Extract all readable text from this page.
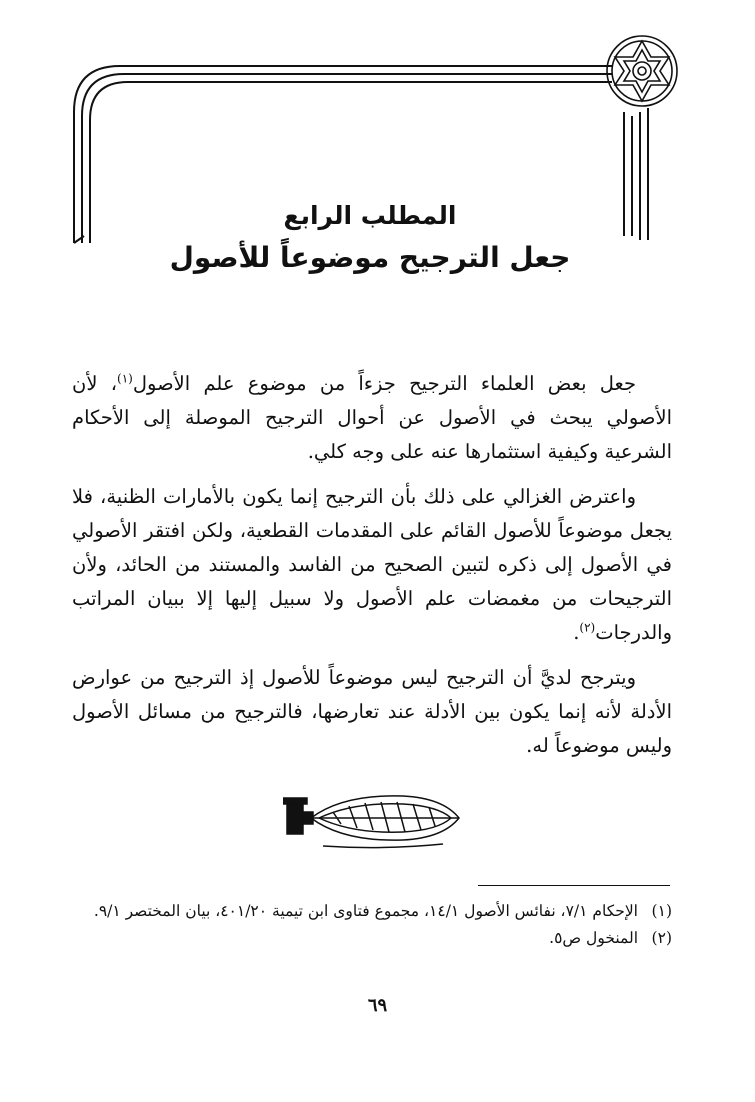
المطلب الرابع
جعل الترجيح موضوعاً للأصول

جعل بعض العلماء الترجيح جزءاً من موضوع علم الأصول$^{(١)}$، لأن الأصولي يبحث في الأصول عن أحوال الترجيح الموصلة إلى الأحكام الشرعية وكيفية استثمارها عنه على وجه كلي.

واعترض الغزالي على ذلك بأن الترجيح إنما يكون بالأمارات الظنية، فلا يجعل موضوعاً للأصول القائم على المقدمات القطعية، ولكن افتقر الأصولي في الأصول إلى ذكره لتبين الصحيح من الفاسد والمستند من الحائد، ولأن الترجيحات من مغمضات علم الأصول ولا سبيل إليها إلا ببيان المراتب والدرجات$^{(٢)}$.

ويترجح لديَّ أن الترجيح ليس موضوعاً للأصول إذ الترجيح من عوارض الأدلة لأنه إنما يكون بين الأدلة عند تعارضها، فالترجيح من مسائل الأصول وليس موضوعاً له.

(١)
الإحكام ٧/١، نفائس الأصول ١٤/١، مجموع فتاوى ابن تيمية ٤٠١/٢٠، بيان المختصر ٩/١.
(٢)
المنخول ص٥.
٦٩
